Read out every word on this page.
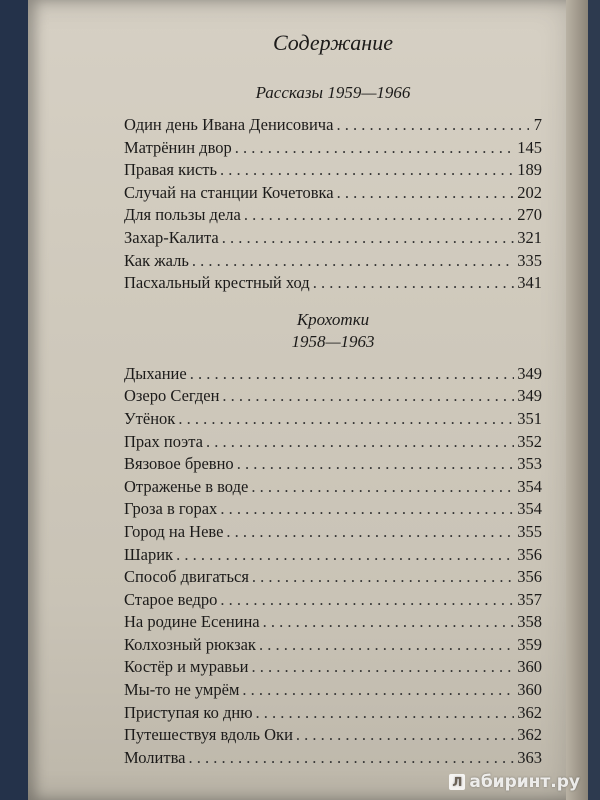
Содержание
Рассказы 1959—1966
Один день Ивана Денисовича . . .	7
Матрёнин двор . . .	145
Правая кисть . . .	189
Случай на станции Кочетовка . . .	202
Для пользы дела . . .	270
Захар-Калита . . .	321
Как жаль . . .	335
Пасхальный крестный ход . . .	341
Крохотки
1958—1963
Дыхание . . .	349
Озеро Сегден . . .	349
Утёнок . . .	351
Прах поэта . . .	352
Вязовое бревно . . .	353
Отраженье в воде . . .	354
Гроза в горах . . .	354
Город на Неве . . .	355
Шарик . . .	356
Способ двигаться . . .	356
Старое ведро . . .	357
На родине Есенина . . .	358
Колхозный рюкзак . . .	359
Костёр и муравьи . . .	360
Мы-то не умрём . . .	360
Приступая ко дню . . .	362
Путешествуя вдоль Оки . . .	362
Молитва . . .	363
Л абиринт.ру
